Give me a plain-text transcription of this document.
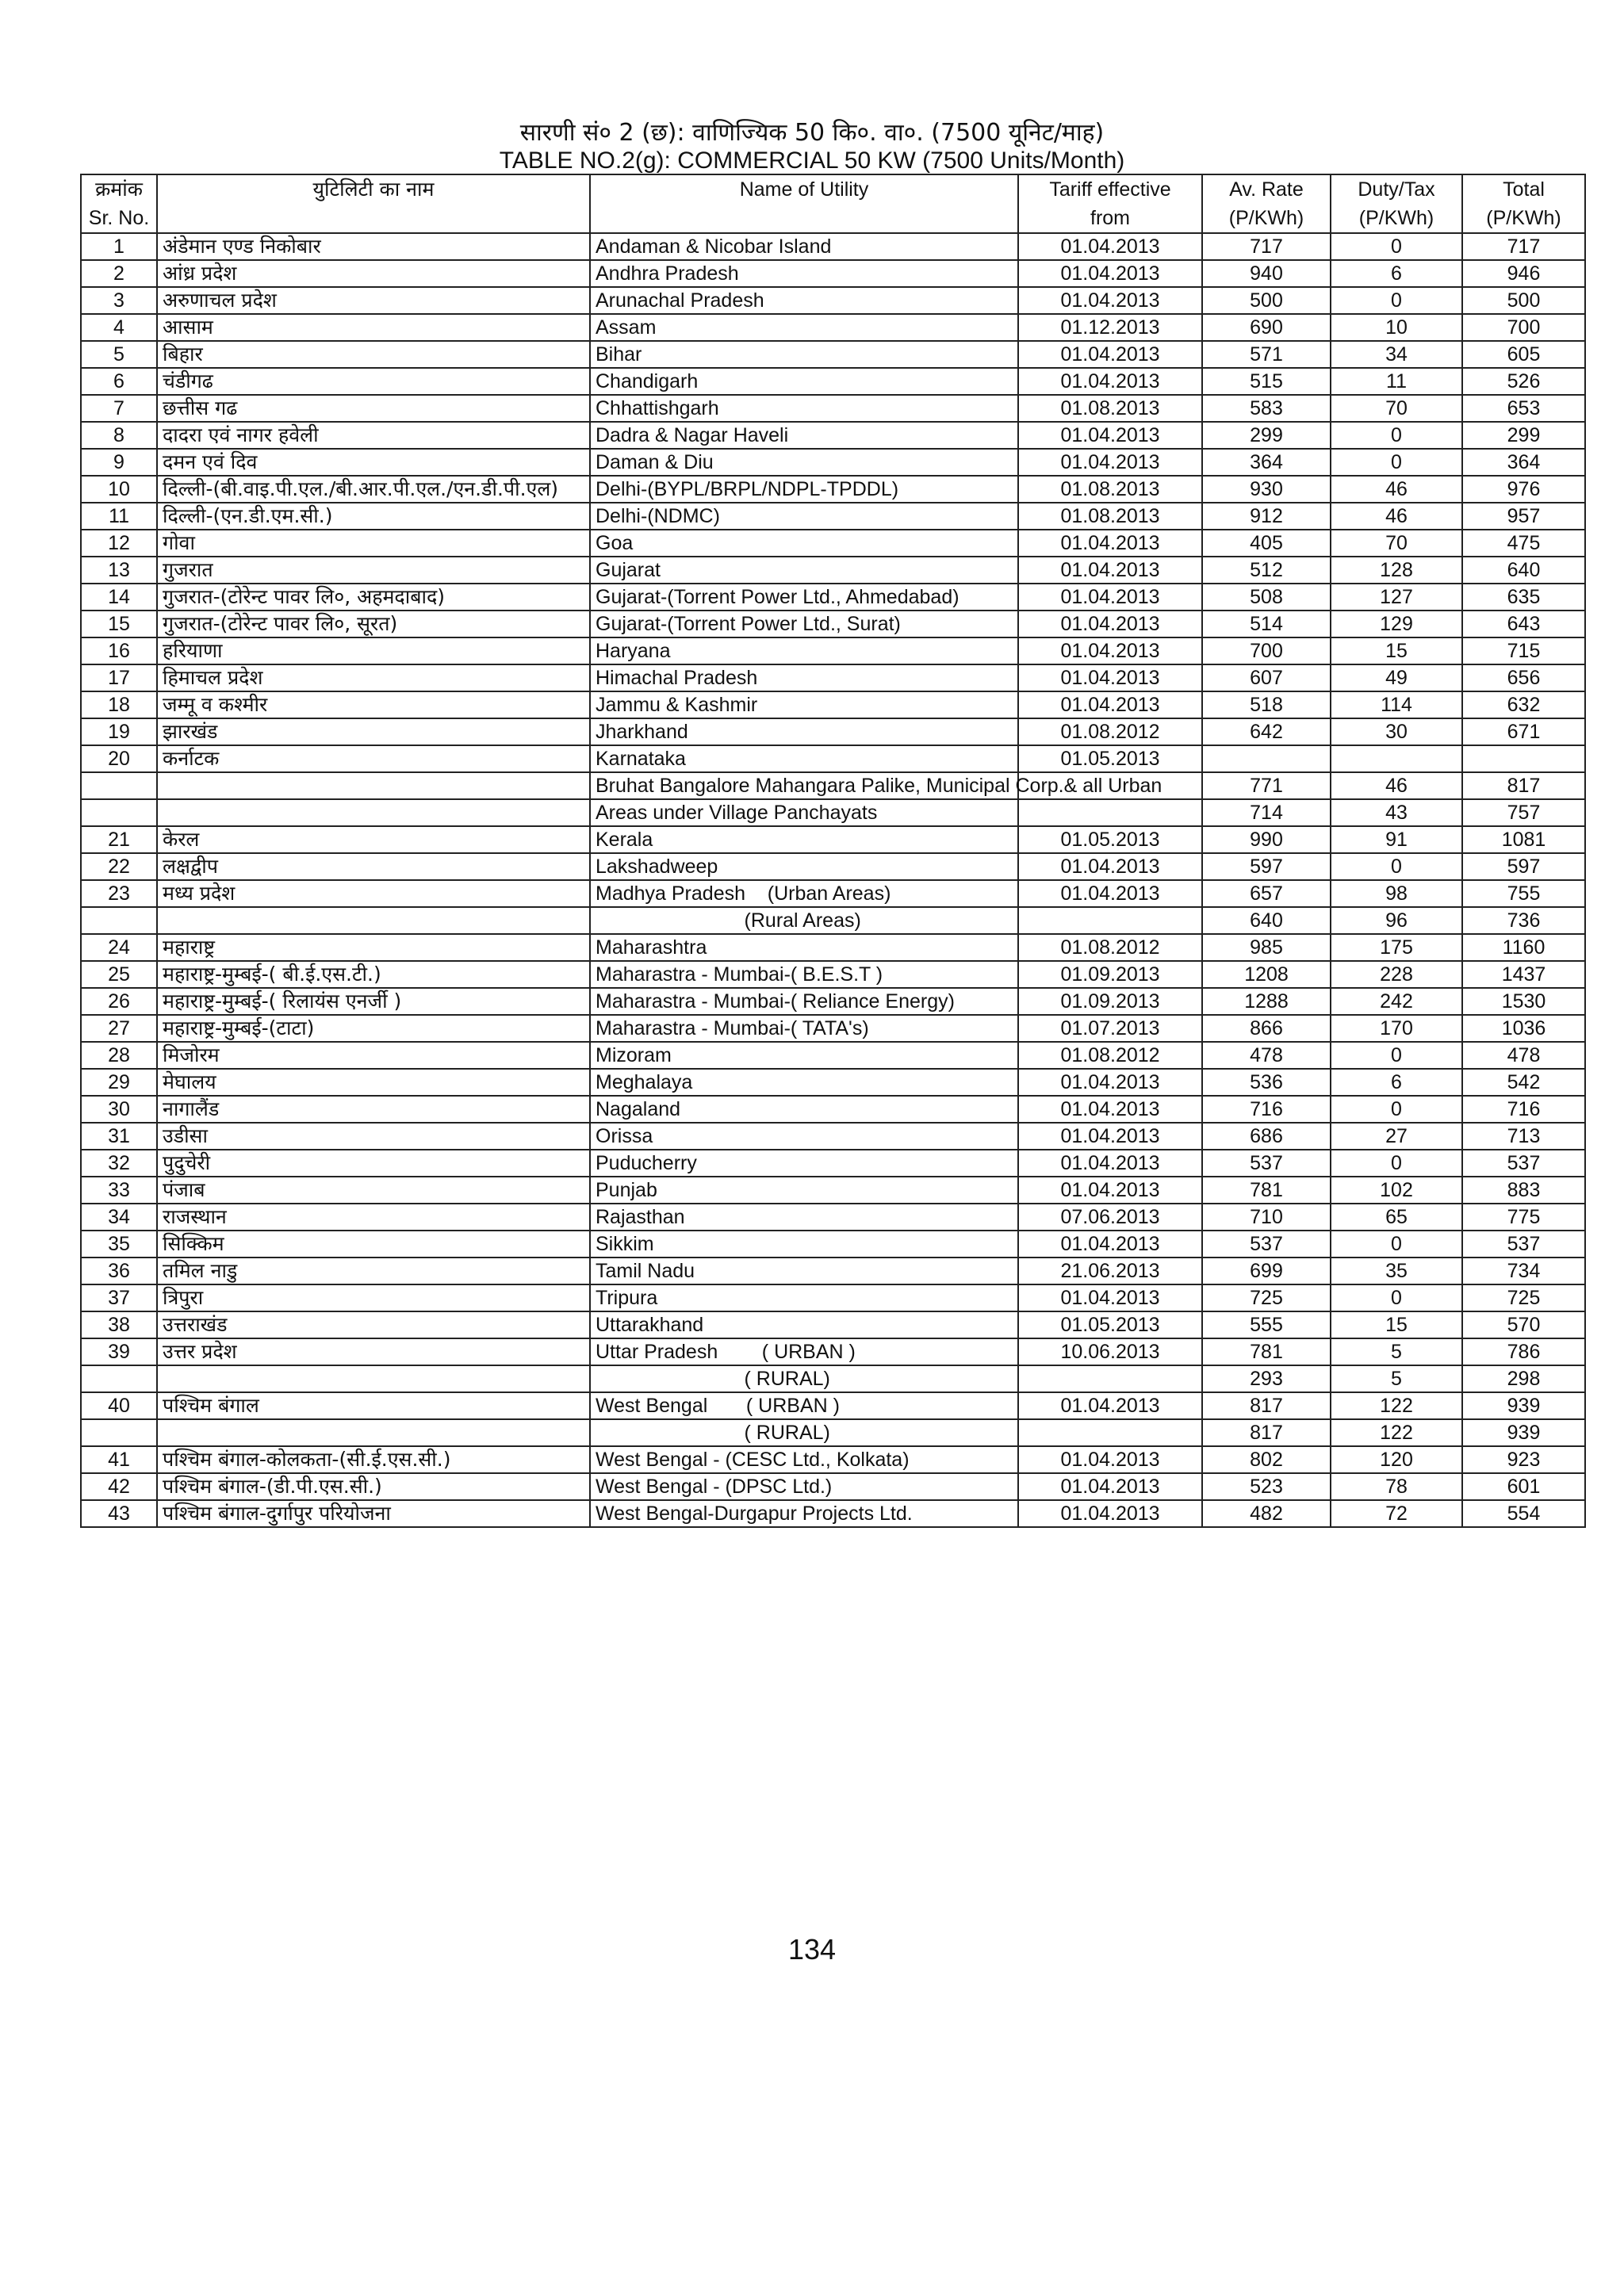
सारणी सं० 2 (छ): वाणिज्यिक 50 कि०. वा०. (7500 यूनिट/माह)
TABLE NO.2(g): COMMERCIAL 50 KW (7500 Units/Month)
क्रमांक	युटिलिटी का नाम	Name of Utility	Tariff effective	Av. Rate	Duty/Tax	Total
Sr. No.			from	(P/KWh)	(P/KWh)	(P/KWh)
1	अंडेमान एण्ड निकोबार	Andaman & Nicobar Island	01.04.2013	717	0	717
2	आंध्र प्रदेश	Andhra Pradesh	01.04.2013	940	6	946
3	अरुणाचल प्रदेश	Arunachal Pradesh	01.04.2013	500	0	500
4	आसाम	Assam	01.12.2013	690	10	700
5	बिहार	Bihar	01.04.2013	571	34	605
6	चंडीगढ	Chandigarh	01.04.2013	515	11	526
7	छत्तीस गढ	Chhattishgarh	01.08.2013	583	70	653
8	दादरा एवं नागर हवेली	Dadra & Nagar Haveli	01.04.2013	299	0	299
9	दमन एवं दिव	Daman & Diu	01.04.2013	364	0	364
10	दिल्ली-(बी.वाइ.पी.एल./बी.आर.पी.एल./एन.डी.पी.एल)	Delhi-(BYPL/BRPL/NDPL-TPDDL)	01.08.2013	930	46	976
11	दिल्ली-(एन.डी.एम.सी.)	Delhi-(NDMC)	01.08.2013	912	46	957
12	गोवा	Goa	01.04.2013	405	70	475
13	गुजरात	Gujarat	01.04.2013	512	128	640
14	गुजरात-(टोरेन्ट पावर लि०, अहमदाबाद)	Gujarat-(Torrent Power Ltd., Ahmedabad)	01.04.2013	508	127	635
15	गुजरात-(टोरेन्ट पावर लि०, सूरत)	Gujarat-(Torrent Power Ltd., Surat)	01.04.2013	514	129	643
16	हरियाणा	Haryana	01.04.2013	700	15	715
17	हिमाचल प्रदेश	Himachal Pradesh	01.04.2013	607	49	656
18	जम्मू व कश्मीर	Jammu & Kashmir	01.04.2013	518	114	632
19	झारखंड	Jharkhand	01.08.2012	642	30	671
20	कर्नाटक	Karnataka	01.05.2013			
		Bruhat Bangalore Mahangara Palike, Municipal Corp.& all Urban		771	46	817
		Areas under Village Panchayats		714	43	757
21	केरल	Kerala	01.05.2013	990	91	1081
22	लक्षद्वीप	Lakshadweep	01.04.2013	597	0	597
23	मध्य प्रदेश	Madhya Pradesh    (Urban Areas)	01.04.2013	657	98	755
		(Rural Areas)		640	96	736
24	महाराष्ट्र	Maharashtra	01.08.2012	985	175	1160
25	महाराष्ट्र-मुम्बई-( बी.ई.एस.टी.)	Maharastra - Mumbai-( B.E.S.T )	01.09.2013	1208	228	1437
26	महाराष्ट्र-मुम्बई-( रिलायंस एनर्जी )	Maharastra - Mumbai-( Reliance Energy)	01.09.2013	1288	242	1530
27	महाराष्ट्र-मुम्बई-(टाटा)	Maharastra - Mumbai-( TATA's)	01.07.2013	866	170	1036
28	मिजोरम	Mizoram	01.08.2012	478	0	478
29	मेघालय	Meghalaya	01.04.2013	536	6	542
30	नागालैंड	Nagaland	01.04.2013	716	0	716
31	उडीसा	Orissa	01.04.2013	686	27	713
32	पुदुचेरी	Puducherry	01.04.2013	537	0	537
33	पंजाब	Punjab	01.04.2013	781	102	883
34	राजस्थान	Rajasthan	07.06.2013	710	65	775
35	सिक्किम	Sikkim	01.04.2013	537	0	537
36	तमिल नाडु	Tamil Nadu	21.06.2013	699	35	734
37	त्रिपुरा	Tripura	01.04.2013	725	0	725
38	उत्तराखंड	Uttarakhand	01.05.2013	555	15	570
39	उत्तर प्रदेश	Uttar Pradesh        ( URBAN )	10.06.2013	781	5	786
		( RURAL)		293	5	298
40	पश्चिम बंगाल	West Bengal       ( URBAN )	01.04.2013	817	122	939
		( RURAL)		817	122	939
41	पश्चिम बंगाल-कोलकता-(सी.ई.एस.सी.)	West Bengal - (CESC Ltd., Kolkata)	01.04.2013	802	120	923
42	पश्चिम बंगाल-(डी.पी.एस.सी.)	West Bengal - (DPSC Ltd.)	01.04.2013	523	78	601
43	पश्चिम बंगाल-दुर्गापुर परियोजना	West Bengal-Durgapur Projects Ltd.	01.04.2013	482	72	554
134
